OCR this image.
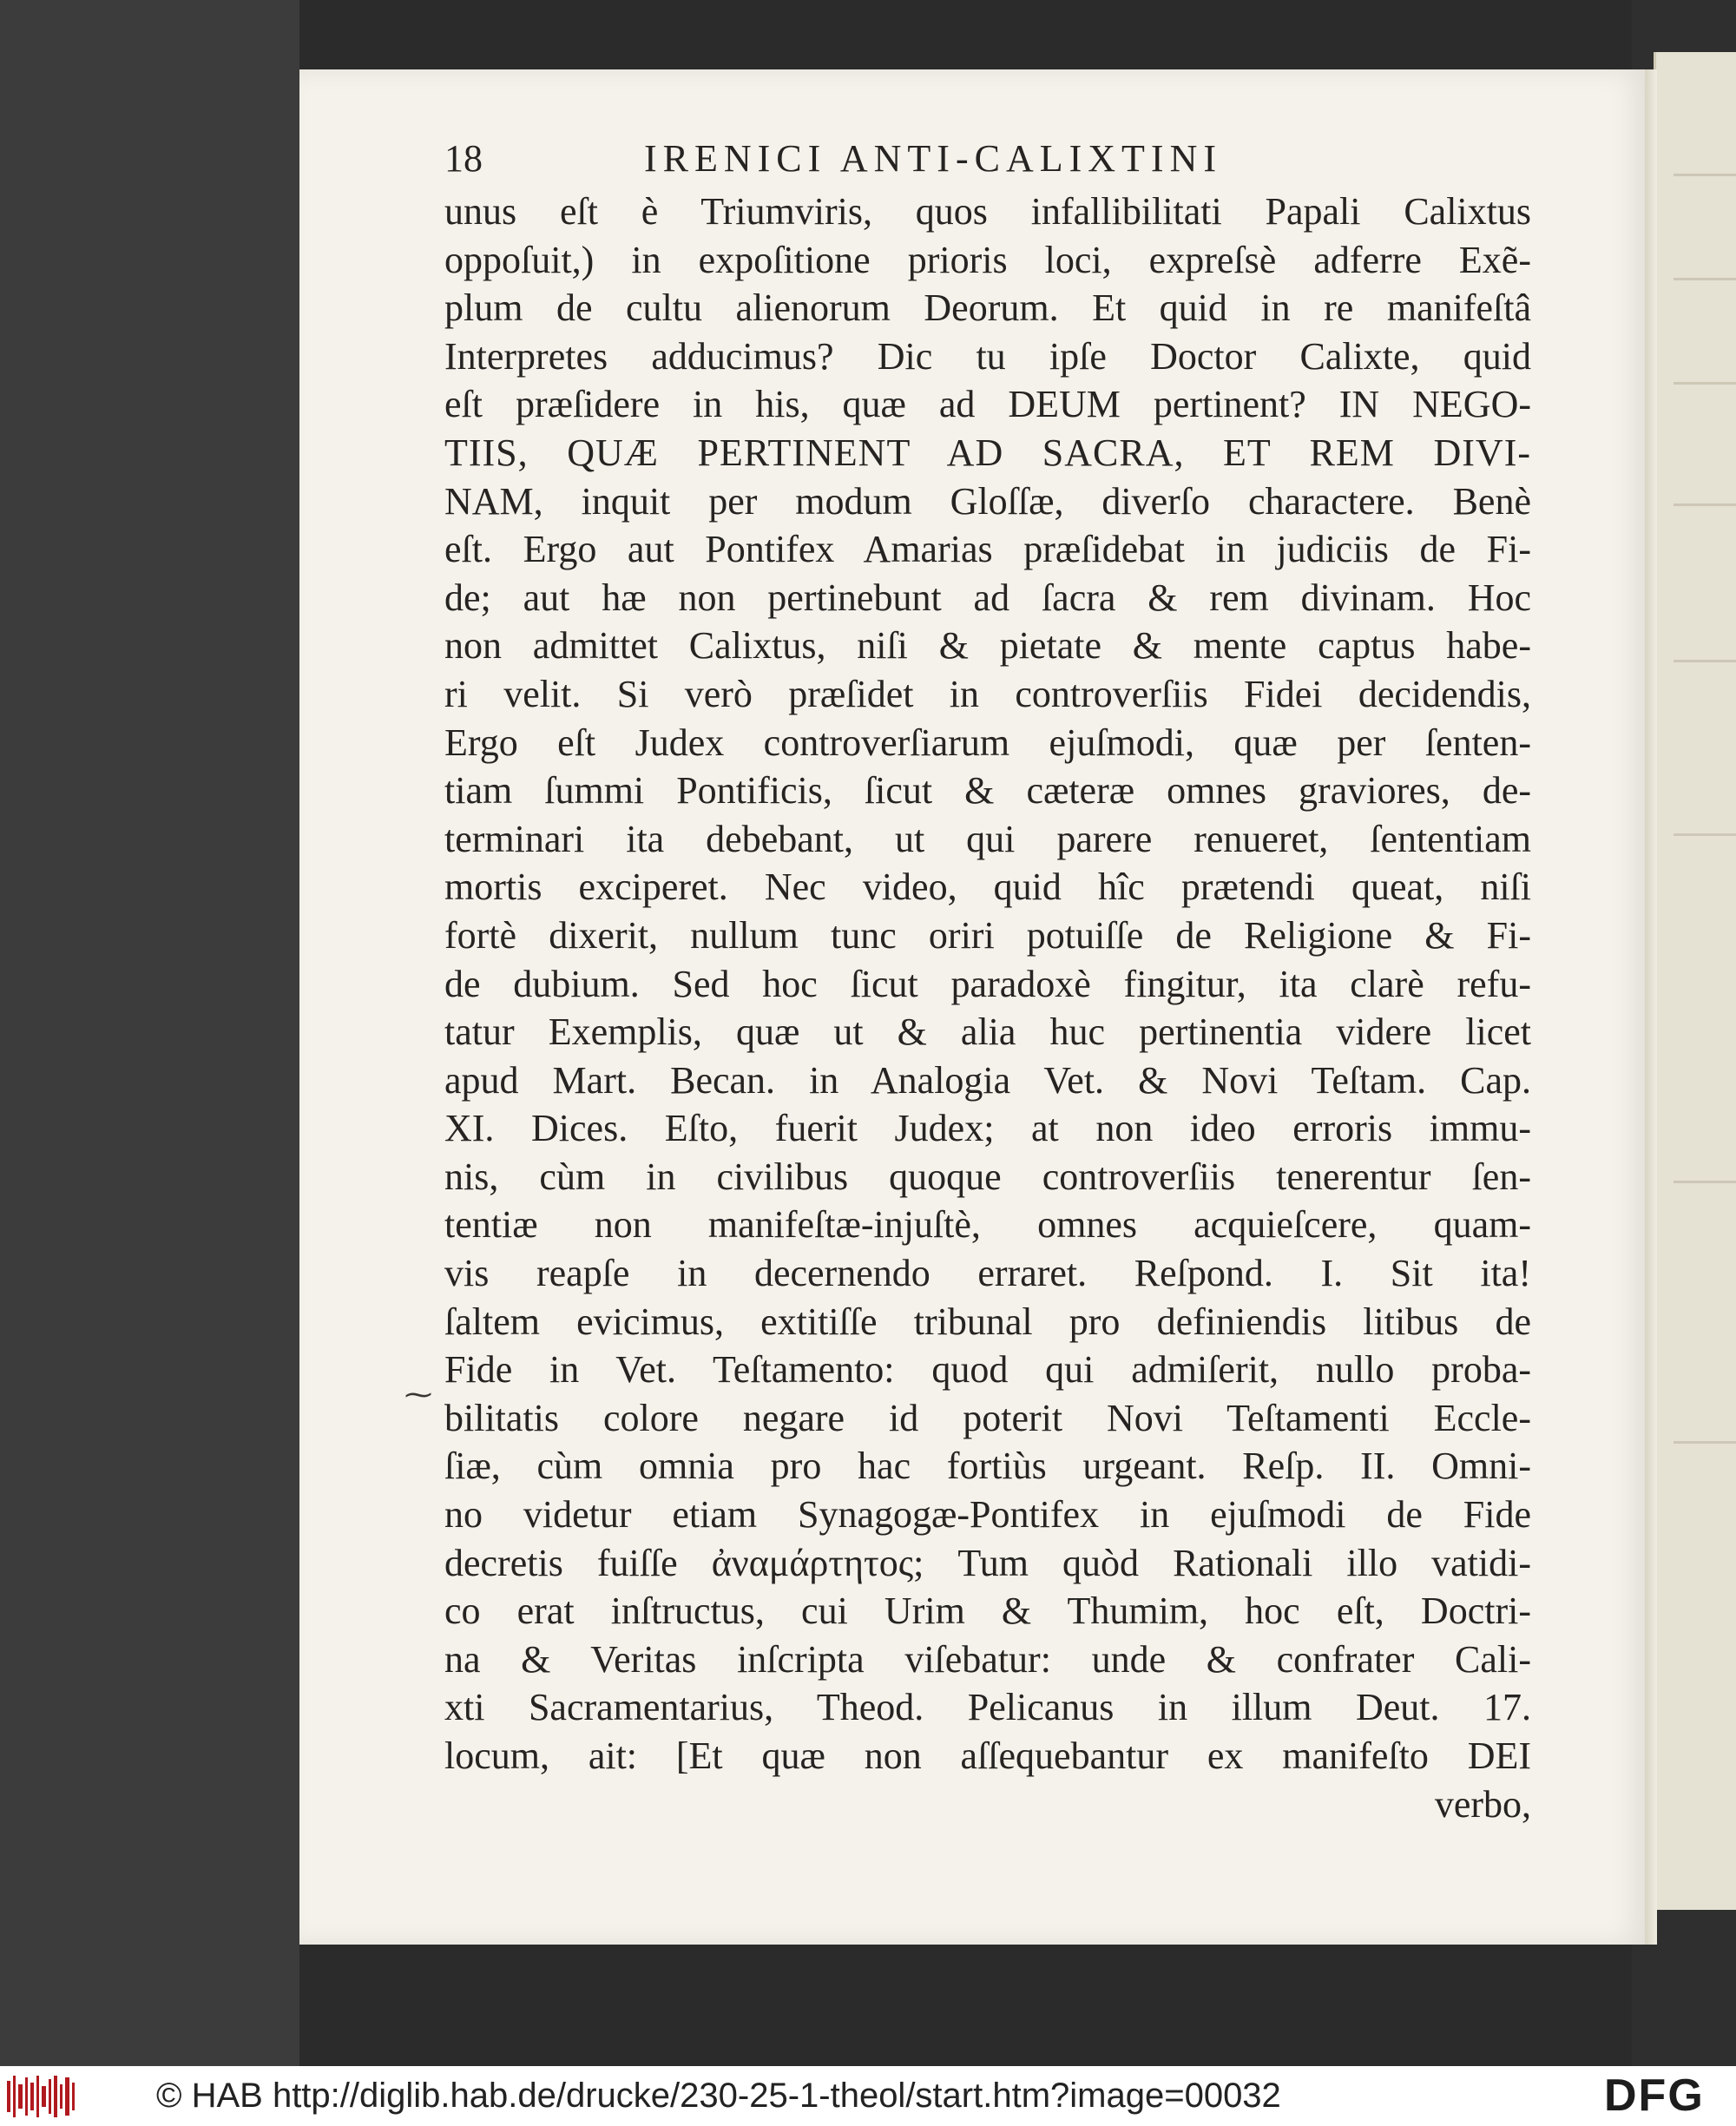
⁓
18	IRENICI ANTI-CALIXTINI
unus eſt è Triumviris, quos infallibilitati Papali Calixtus
oppoſuit,) in expoſitione prioris loci, expreſsè adferre Exẽ-
plum de cultu alienorum Deorum. Et quid in re manifeſtâ
Interpretes adducimus? Dic tu ipſe Doctor Calixte, quid
eſt præſidere in his, quæ ad DEUM pertinent? IN NEGO-
TIIS, QUÆ PERTINENT AD SACRA, ET REM DIVI-
NAM, inquit per modum Gloſſæ, diverſo charactere. Benè
eſt. Ergo aut Pontifex Amarias præſidebat in judiciis de Fi-
de; aut hæ non pertinebunt ad ſacra & rem divinam. Hoc
non admittet Calixtus, niſi & pietate & mente captus habe-
ri velit. Si verò præſidet in controverſiis Fidei decidendis,
Ergo eſt Judex controverſiarum ejuſmodi, quæ per ſenten-
tiam ſummi Pontificis, ſicut & cæteræ omnes graviores, de-
terminari ita debebant, ut qui parere renueret, ſententiam
mortis exciperet. Nec video, quid hîc prætendi queat, niſi
fortè dixerit, nullum tunc oriri potuiſſe de Religione & Fi-
de dubium. Sed hoc ſicut paradoxè fingitur, ita clarè refu-
tatur Exemplis, quæ ut & alia huc pertinentia videre licet
apud Mart. Becan. in Analogia Vet. & Novi Teſtam. Cap.
XI. Dices. Eſto, fuerit Judex; at non ideo erroris immu-
nis, cùm in civilibus quoque controverſiis tenerentur ſen-
tentiæ non manifeſtæ-injuſtè, omnes acquieſcere, quam-
vis reapſe in decernendo erraret. Reſpond. I. Sit ita!
ſaltem evicimus, extitiſſe tribunal pro definiendis litibus de
Fide in Vet. Teſtamento: quod qui admiſerit, nullo proba-
bilitatis colore negare id poterit Novi Teſtamenti Eccle-
ſiæ, cùm omnia pro hac fortiùs urgeant. Reſp. II. Omni-
no videtur etiam Synagogæ-Pontifex in ejuſmodi de Fide
decretis fuiſſe ἀναμάρτητος; Tum quòd Rationali illo vatidi-
co erat inſtructus, cui Urim & Thumim, hoc eſt, Doctri-
na & Veritas inſcripta viſebatur: unde & confrater Cali-
xti Sacramentarius, Theod. Pelicanus in illum Deut. 17.
locum, ait: [Et quæ non aſſequebantur ex manifeſto DEI
verbo,
© HAB http://diglib.hab.de/drucke/230-25-1-theol/start.htm?image=00032	DFG
